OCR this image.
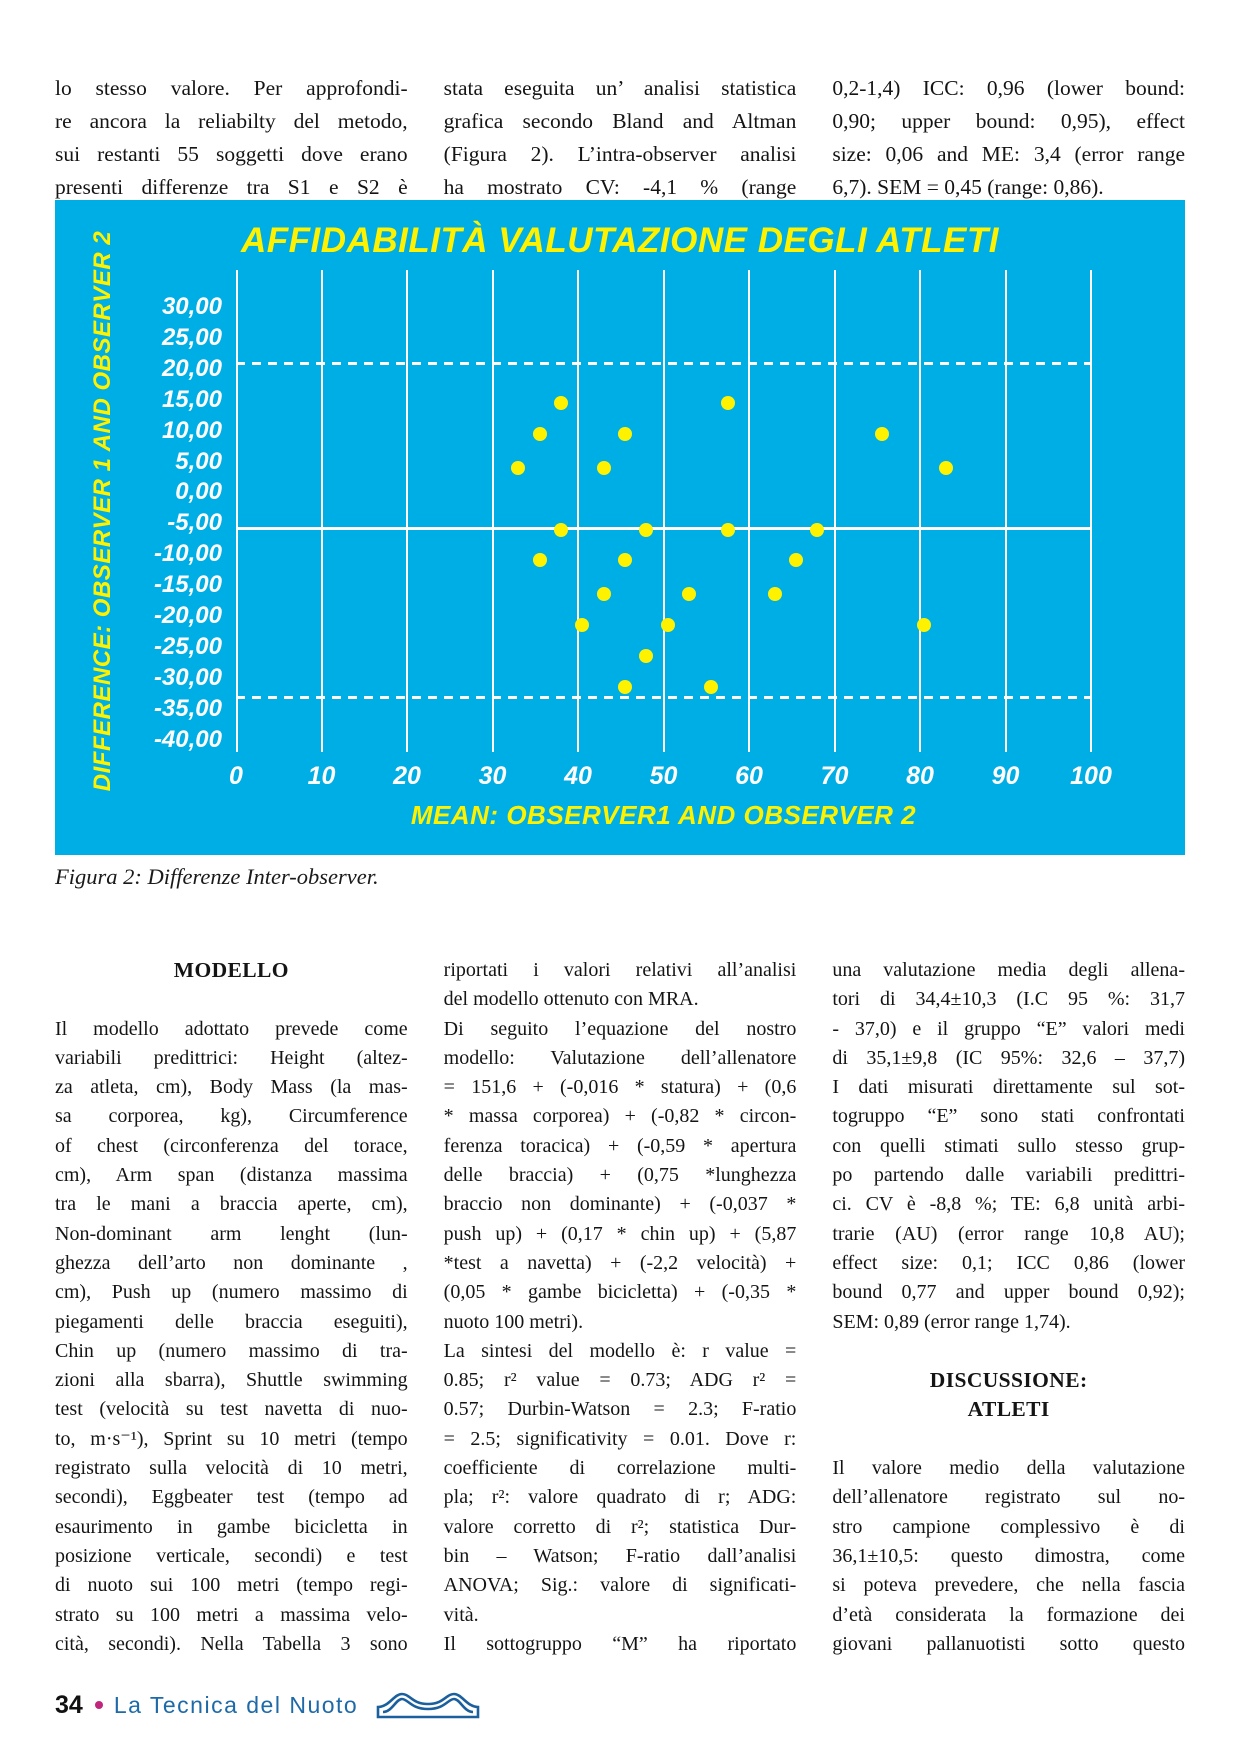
lo stesso valore. Per approfondi-
re ancora la reliabilty del metodo,
sui restanti 55 soggetti dove erano
presenti differenze tra S1 e S2 è
stata eseguita un’ analisi statistica
grafica secondo Bland and Altman
(Figura 2). L’intra-observer analisi
ha mostrato CV: -4,1 % (range
0,2-1,4) ICC: 0,96 (lower bound:
0,90; upper bound: 0,95), effect
size: 0,06 and ME: 3,4 (error range
6,7). SEM = 0,45 (range: 0,86).
AFFIDABILITÀ VALUTAZIONE DEGLI ATLETI
DIFFERENCE: OBSERVER 1 AND OBSERVER 2
MEAN: OBSERVER1 AND OBSERVER 2
0	10 20 30 40 50 60 70 80 90 100
30,00
25,00
20,00
15,00
10,00
5,00
0,00
-5,00
-10,00
-15,00
-20,00
-25,00
-30,00
-35,00
-40,00
Figura 2: Differenze Inter-observer.
MODELLO
Il modello adottato prevede come
variabili predittrici: Height (altez-
za atleta, cm), Body Mass (la mas-
sa corporea, kg), Circumference
of chest (circonferenza del torace,
cm), Arm span (distanza massima
tra le mani a braccia aperte, cm),
Non-dominant arm lenght (lun-
ghezza dell’arto non dominante ,
cm), Push up (numero massimo di
piegamenti delle braccia eseguiti),
Chin up (numero massimo di tra-
zioni alla sbarra), Shuttle swimming
test (velocità su test navetta di nuo-
to, m·s⁻¹), Sprint su 10 metri (tempo
registrato sulla velocità di 10 metri,
secondi), Eggbeater test (tempo ad
esaurimento in gambe bicicletta in
posizione verticale, secondi) e test
di nuoto sui 100 metri (tempo regi-
strato su 100 metri a massima velo-
cità, secondi). Nella Tabella 3 sono
riportati i valori relativi all’analisi
del modello ottenuto con MRA.
Di seguito l’equazione del nostro
modello: Valutazione dell’allenatore
= 151,6 + (-0,016 * statura) + (0,6
* massa corporea) + (-0,82 * circon-
ferenza toracica) + (-0,59 * apertura
delle braccia) + (0,75 *lunghezza
braccio non dominante) + (-0,037 *
push up) + (0,17 * chin up) + (5,87
*test a navetta) + (-2,2 velocità) +
(0,05 * gambe bicicletta) + (-0,35 *
nuoto 100 metri).
La sintesi del modello è: r value =
0.85; r² value = 0.73; ADG r² =
0.57; Durbin-Watson = 2.3; F-ratio
= 2.5; significativity = 0.01. Dove r:
coefficiente di correlazione multi-
pla; r²: valore quadrato di r; ADG:
valore corretto di r²; statistica Dur-
bin – Watson; F-ratio dall’analisi
ANOVA; Sig.: valore di significati-
vità.
Il sottogruppo “M” ha riportato
una valutazione media degli allena-
tori di 34,4±10,3 (I.C 95 %: 31,7
- 37,0) e il gruppo “E” valori medi
di 35,1±9,8 (IC 95%: 32,6 – 37,7)
I dati misurati direttamente sul sot-
togruppo “E” sono stati confrontati
con quelli stimati sullo stesso grup-
po partendo dalle variabili predittri-
ci. CV è -8,8 %; TE: 6,8 unità arbi-
trarie (AU) (error range 10,8 AU);
effect size: 0,1; ICC 0,86 (lower
bound 0,77 and upper bound 0,92);
SEM: 0,89 (error range 1,74).
DISCUSSIONE:
ATLETI
Il valore medio della valutazione
dell’allenatore registrato sul no-
stro campione complessivo è di
36,1±10,5: questo dimostra, come
si poteva prevedere, che nella fascia
d’età considerata la formazione dei
giovani pallanuotisti sotto questo
34 La Tecnica del Nuoto
